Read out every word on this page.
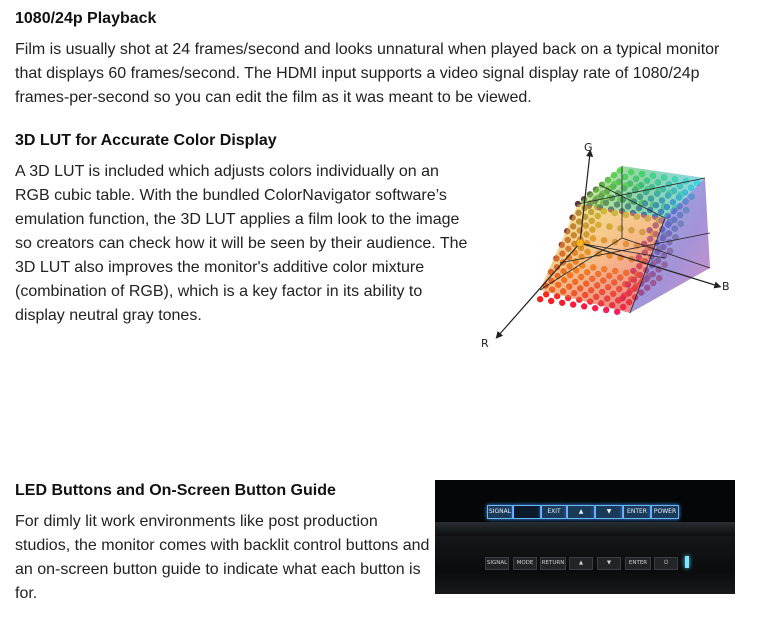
1080/24p Playback

Film is usually shot at 24 frames/second and looks unnatural when played back on a typical monitor
that displays 60 frames/second. The HDMI input supports a video signal display rate of 1080/24p
frames-per-second so you can edit the film as it was meant to be viewed.

3D LUT for Accurate Color Display

A 3D LUT is included which adjusts colors individually on an
RGB cubic table. With the bundled ColorNavigator software’s
emulation function, the 3D LUT applies a film look to the image
so creators can check how it will be seen by their audience. The
3D LUT also improves the monitor's additive color mixture
(combination of RGB), which is a key factor in its ability to
display neutral gray tones.

G
B
R
LED Buttons and On-Screen Button Guide

For dimly lit work environments like post production
studios, the monitor comes with backlit control buttons and
an on-screen button guide to indicate what each button is
for.

SIGNAL	EXIT	▲	▼	ENTER	POWER
SIGNAL	MODE	RETURN	▲	▼	ENTER	⏻
